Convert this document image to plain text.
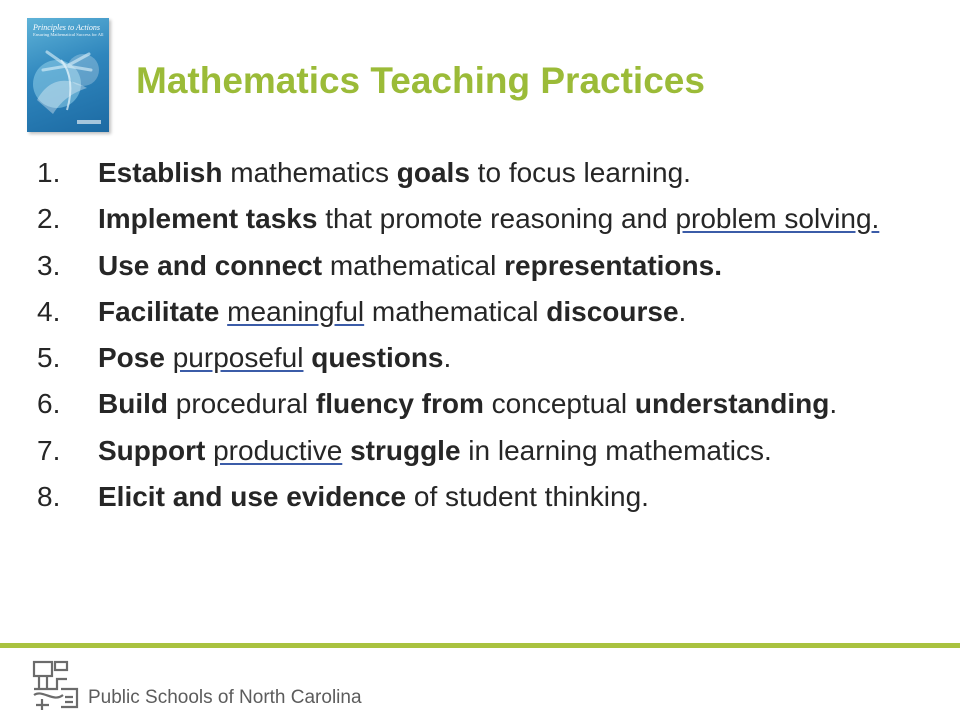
Principles to Actions
Ensuring Mathematical Success for All
Mathematics Teaching Practices
1.	Establish mathematics goals to focus learning.
2.	Implement tasks that promote reasoning and problem solving.
3.	Use and connect mathematical representations.
4.	Facilitate meaningful mathematical discourse.
5.	Pose purposeful questions.
6.	Build procedural fluency from conceptual understanding.
7.	Support productive struggle in learning mathematics.
8.	Elicit and use evidence of student thinking.
Public Schools of North Carolina
